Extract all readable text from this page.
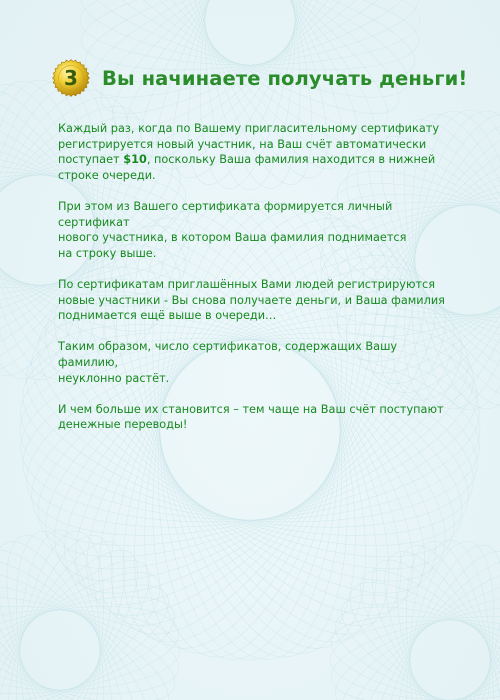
3	Вы начинаете получать деньги!

Каждый раз, когда по Вашему пригласительному сертификату
регистрируется новый участник, на Ваш счёт автоматически
поступает $10, поскольку Ваша фамилия находится в нижней
строке очереди.

При этом из Вашего сертификата формируется личный сертификат
нового участника, в котором Ваша фамилия поднимается
на строку выше.

По сертификатам приглашённых Вами людей регистрируются
новые участники - Вы снова получаете деньги, и Ваша фамилия
поднимается ещё выше в очереди…

Таким образом, число сертификатов, содержащих Вашу фамилию,
неуклонно растёт.

И чем больше их становится – тем чаще на Ваш счёт поступают
денежные переводы!
